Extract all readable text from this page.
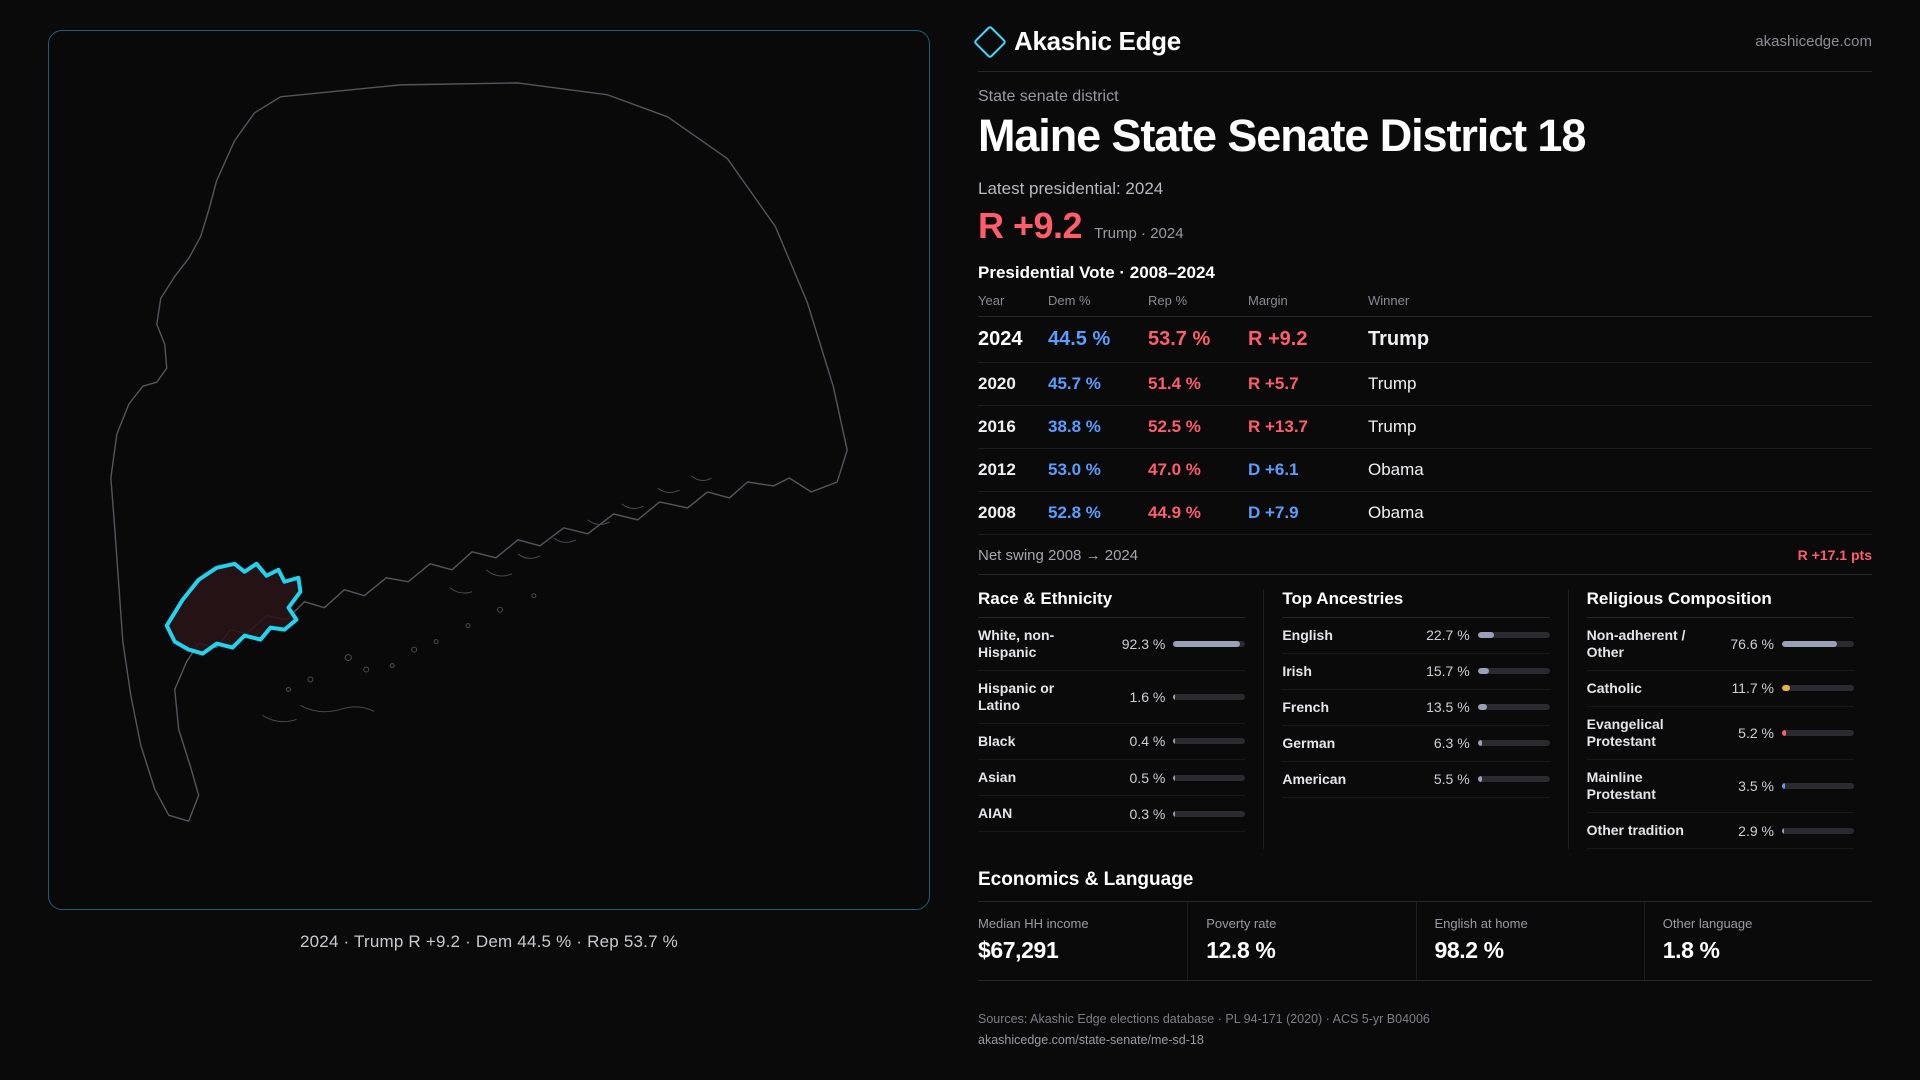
2024 · Trump R +9.2 · Dem 44.5 % · Rep 53.7 %
Akashic Edge	akashicedge.com
State senate district
Maine State Senate District 18
Latest presidential: 2024
R +9.2 Trump · 2024
Presidential Vote · 2008–2024
Year	Dem %	Rep %	Margin	Winner
2024	44.5 %	53.7 %	R +9.2	Trump
2020	45.7 %	51.4 %	R +5.7	Trump
2016	38.8 %	52.5 %	R +13.7	Trump
2012	53.0 %	47.0 %	D +6.1	Obama
2008	52.8 %	44.9 %	D +7.9	Obama
Net swing 2008 → 2024	R +17.1 pts
Race & Ethnicity
White, non-Hispanic	92.3 %
Hispanic or Latino	1.6 %
Black	0.4 %
Asian	0.5 %
AIAN	0.3 %
Top Ancestries
English	22.7 %
Irish	15.7 %
French	13.5 %
German	6.3 %
American	5.5 %
Religious Composition
Non-adherent / Other	76.6 %
Catholic	11.7 %
Evangelical Protestant	5.2 %
Mainline Protestant	3.5 %
Other tradition	2.9 %
Economics & Language
Median HH income
$67,291
Poverty rate
12.8 %
English at home
98.2 %
Other language
1.8 %
Sources: Akashic Edge elections database · PL 94-171 (2020) · ACS 5-yr B04006
akashicedge.com/state-senate/me-sd-18
